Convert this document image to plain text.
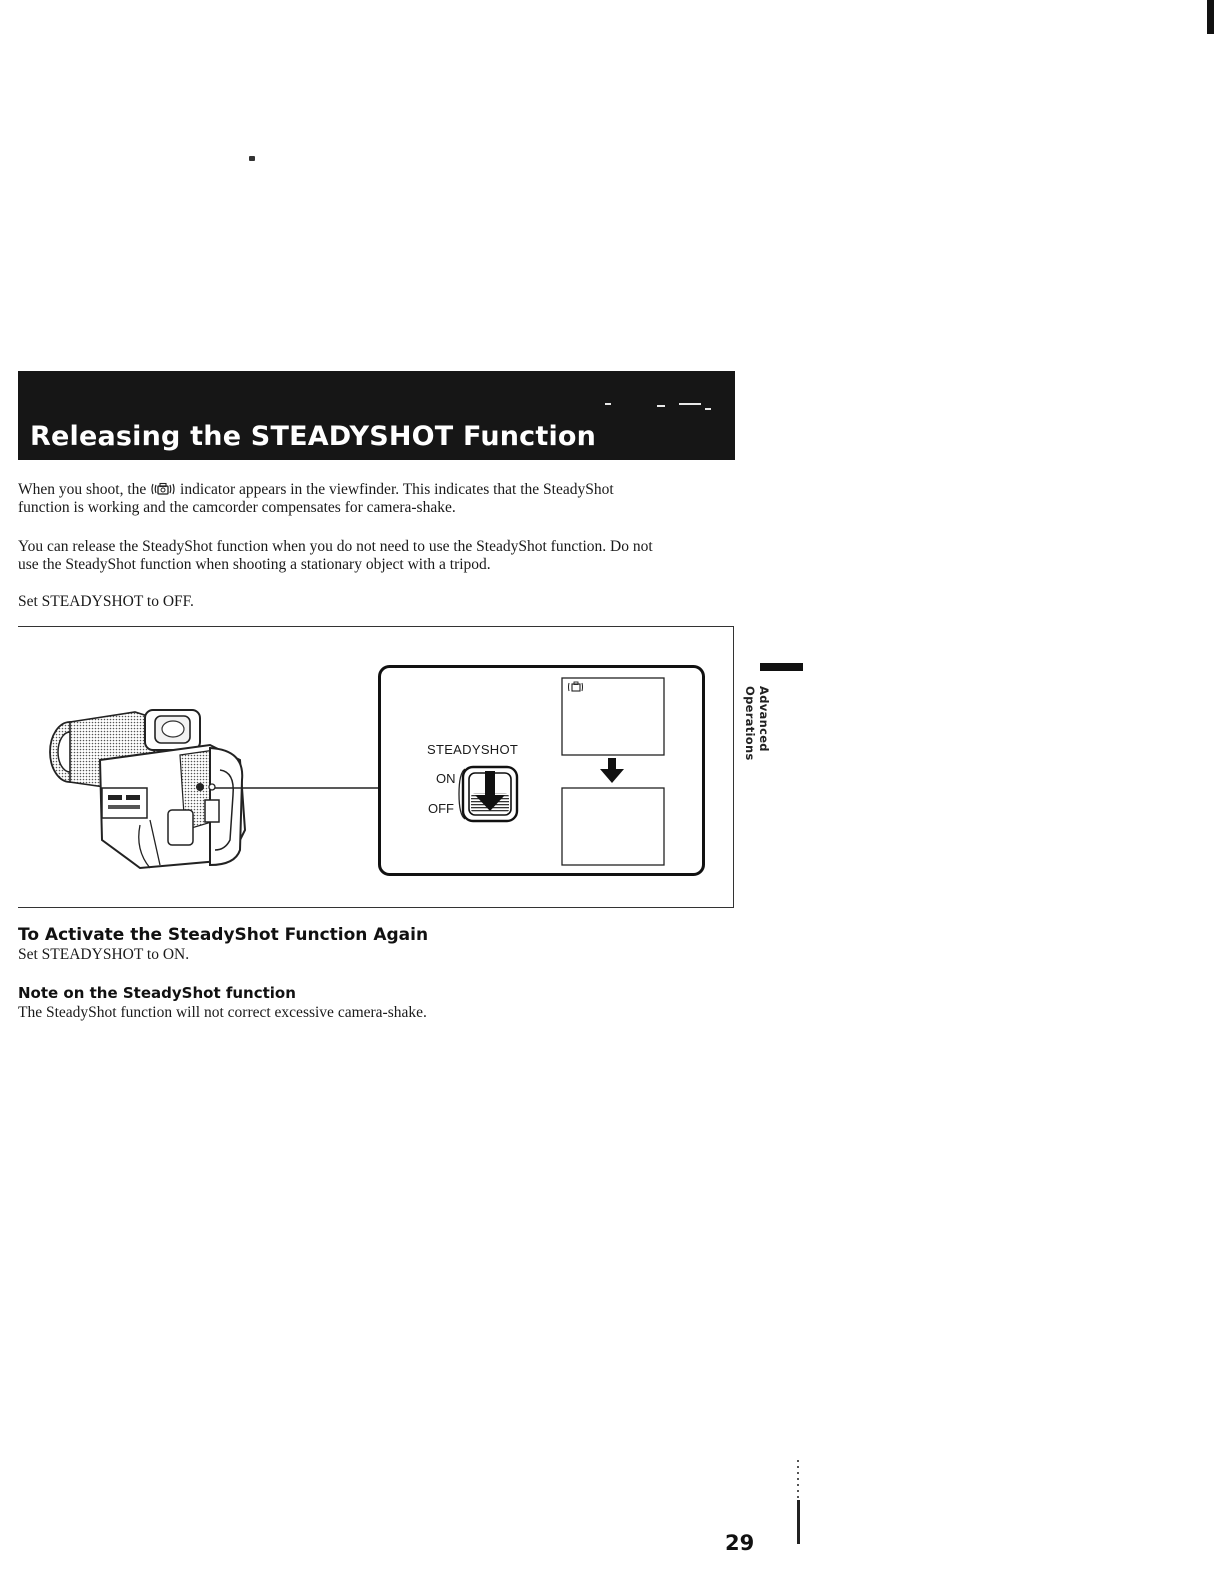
Releasing the STEADYSHOT Function

When you shoot, the indicator appears in the viewfinder. This indicates that the SteadyShot
function is working and the camcorder compensates for camera-shake.

You can release the SteadyShot function when you do not need to use the SteadyShot function. Do not
use the SteadyShot function when shooting a stationary object with a tripod.

Set STEADYSHOT to OFF.

STEADYSHOT
ON
OFF
To Activate the SteadyShot Function Again

Set STEADYSHOT to ON.

Note on the SteadyShot function

The SteadyShot function will not correct excessive camera-shake.

Advanced Operations
29
